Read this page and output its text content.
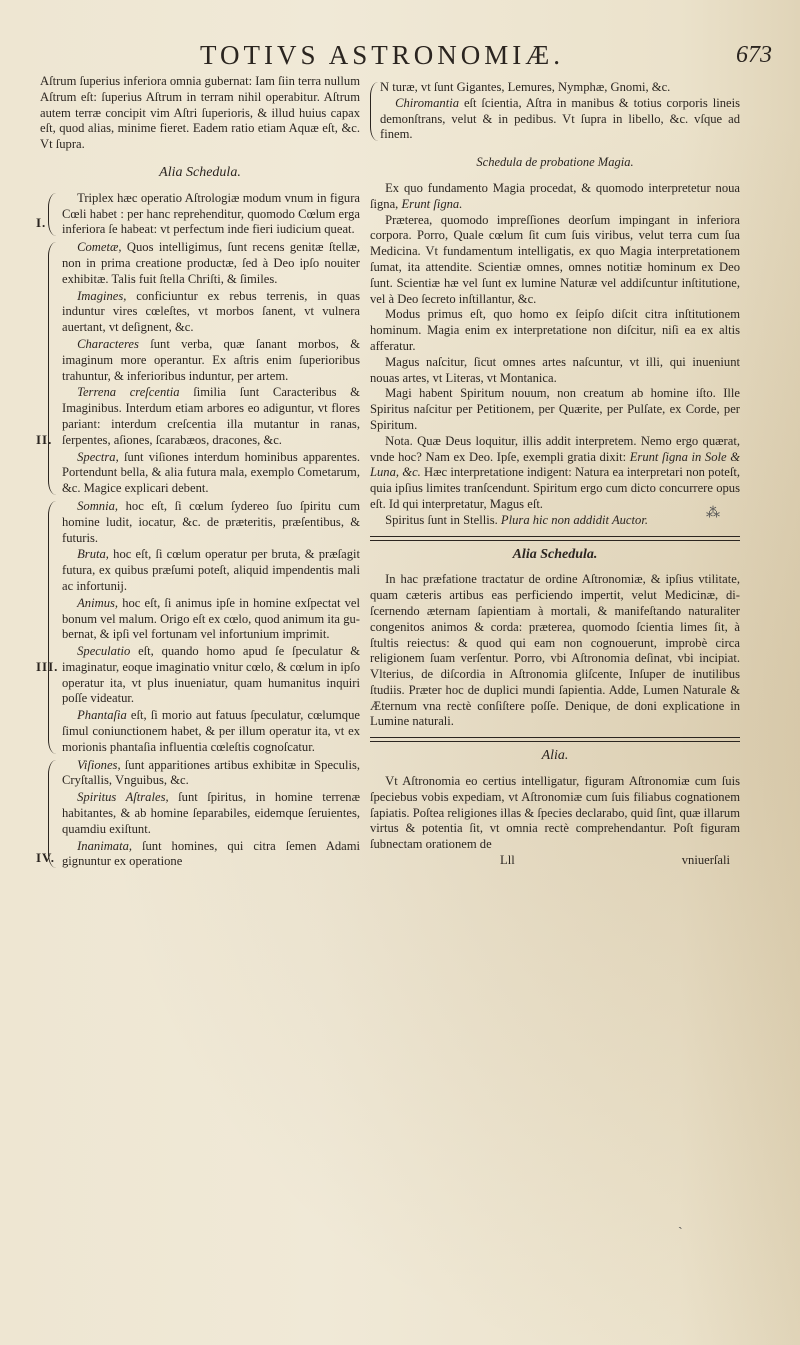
TOTIVS ASTRONOMIÆ.	673

Aſtrum ſuperius inferiora omnia gubernat: Iam ſiin terra nullum Aſtrum eſt: ſuperius Aſtrum in terram nihil operabitur. Aſtrum autem terræ concipit vim Aſtri ſuperioris, & illud huius capax eſt, quod alias, minime fieret. Eadem ratio etiam Aquæ eſt, &c. Vt ſupra.

Alia Schedula.
I.

Triplex hæc operatio Aſtrologiæ modum vnum in figura Cœli habet : per hanc reprehenditur, quomodo Cœlum erga inferiora ſe habeat: vt perfectum inde fieri iudicium queat.

II.

Cometæ, Quos intelligimus, ſunt recens genitæ ſtellæ, non in prima creatione productæ, ſed à Deo ipſo nouiter exhibitæ. Talis fuit ſtella Chriſti, & ſimiles.

Imagines, conficiuntur ex rebus terrenis, in quas induntur vires cœleſtes, vt morbos ſanent, vt vulnera auertant, vt deſignent, &c.

Characteres ſunt verba, quæ ſanant morbos, & imaginum more operantur. Ex aſtris enim ſuperioribus trahuntur, & inferioribus induntur, per artem.

Terrena creſcentia ſimilia ſunt Caracteribus & Imaginibus. Interdum etiam arbores eo adiguntur, vt flores pariant: interdum creſcentia illa mutantur in ranas, ſerpentes, aſiones, ſcarabæos, dracones, &c.

Spectra, ſunt viſiones interdum hominibus apparentes. Portendunt bella, & alia futura mala, exemplo Cometarum, &c. Magice explicari debent.

III.

Somnia, hoc eſt, ſi cœlum ſydereo ſuo ſpiritu cum homine ludit, iocatur, &c. de præteritis, præſentibus, & futuris.

Bruta, hoc eſt, ſi cœlum operatur per bruta, & præſagit futura, ex quibus præſumi poteſt, aliquid impendentis mali ac infortunij.

Animus, hoc eſt, ſi animus ipſe in homine exſpectat vel bonum vel malum. Origo eſt ex cœlo, quod animum ita gubernat, & ipſi vel fortunam vel infortunium imprimit.

Speculatio eſt, quando homo apud ſe ſpeculatur & imaginatur, eoque imaginatio vnitur cœlo, & cœlum in ipſo operatur ita, vt plus inueniatur, quam humanitus inquiri poſſe videatur.

Phantaſia eſt, ſi morio aut fatuus ſpeculatur, cœlumque ſimul coniunctionem habet, & per illum operatur ita, vt ex morionis phantaſia influentia cœleſtis cognoſcatur.

IV.

Viſiones, ſunt apparitiones artibus exhibitæ in Speculis, Cryſtallis, Vnguibus, &c.

Spiritus Aſtrales, ſunt ſpiritus, in homine terrenæ habitantes, & ab homine ſeparabiles, eidemque ſeruientes, quamdiu exiſtunt.

Inanimata, ſunt homines, qui citra ſemen Adami gignuntur ex operatione

N turæ, vt ſunt Gigantes, Lemures, Nymphæ, Gnomi, &c.

Chiromantia eſt ſcientia, Aſtra in manibus & totius corporis lineis demonſtrans, velut & in pedibus. Vt ſupra in libello, &c. vſque ad finem.

Schedula de probatione Magia.

Ex quo fundamento Magia procedat, & quomodo interpretetur noua ſigna, Erunt ſigna.

Præterea, quomodo impreſſiones deorſum impingant in inferiora corpora. Porro, Quale cœlum ſit cum ſuis viribus, velut terra cum ſua Medicina. Vt fundamentum intelligatis, ex quo Magia interpretationem ſumat, ita attendite. Scientiæ omnes, omnes notitiæ hominum ex Deo ſunt. Scientiæ hæ vel ſunt ex lumine Naturæ vel addiſcuntur inſtitutione, vel à Deo ſecreto inſtillantur, &c.

Modus primus eſt, quo homo ex ſeipſo diſcit citra inſtitutionem hominum. Magia enim ex interpretatione non diſcitur, niſi ea ex altis afferatur.

Magus naſcitur, ſicut omnes artes naſcuntur, vt illi, qui inueniunt nouas artes, vt Literas, vt Montanica.

Magi habent Spiritum nouum, non creatum ab homine iſto. Ille Spiritus naſcitur per Petitionem, per Quærite, per Pulſate, ex Corde, per Spiritum.

Nota. Quæ Deus loquitur, illis addit interpretem. Nemo ergo quærat, vnde hoc? Nam ex Deo. Ipſe, exempli gratia dixit: Erunt ſigna in Sole & Luna, &c. Hæc interpretatione indigent: Natura ea interpretari non poteſt, quia ipſius limites tranſcendunt. Spiritum ergo cum dicto concurrere opus eſt. Id qui interpretatur, Magus eſt.

Spiritus ſunt in Stellis. Plura hic non addidit Auctor.

Alia Schedula.

In hac præfatione tractatur de ordine Aſtronomiæ, & ipſius vtilitate, quam cæteris artibus eas perficiendo impertit, velut Medicinæ, diſcernendo æternam ſapientiam à mortali, & manifeſtando naturaliter congenitos animos & corda: præterea, quomodo ſcientia limes ſit, à ſtultis reiectus: & quod qui eam non cognouerunt, improbè circa religionem ſuam verſentur. Porro, vbi Aſtronomia deſinat, vbi incipiat. Vlterius, de diſcordia in Aſtronomia gliſcente, Inſuper de inutilibus ſtudiis. Præter hoc de duplici mundi ſapientia. Adde, Lumen Naturale & Æternum vna rectè conſiſtere poſſe. Denique, de doni explicatione in Lumine naturali.

Alia.

Vt Aſtronomia eo certius intelligatur, figuram Aſtronomiæ cum ſuis ſpeciebus vobis expediam, vt Aſtronomiæ cum ſuis filiabus cognationem ſapiatis. Poſtea religiones illas & ſpecies declarabo, quid ſint, quæ illarum virtus & potentia ſit, vt omnia rectè comprehendantur. Poſt figuram ſubnectam orationem de

Lll	vniuerſali
⁂
ˎ
